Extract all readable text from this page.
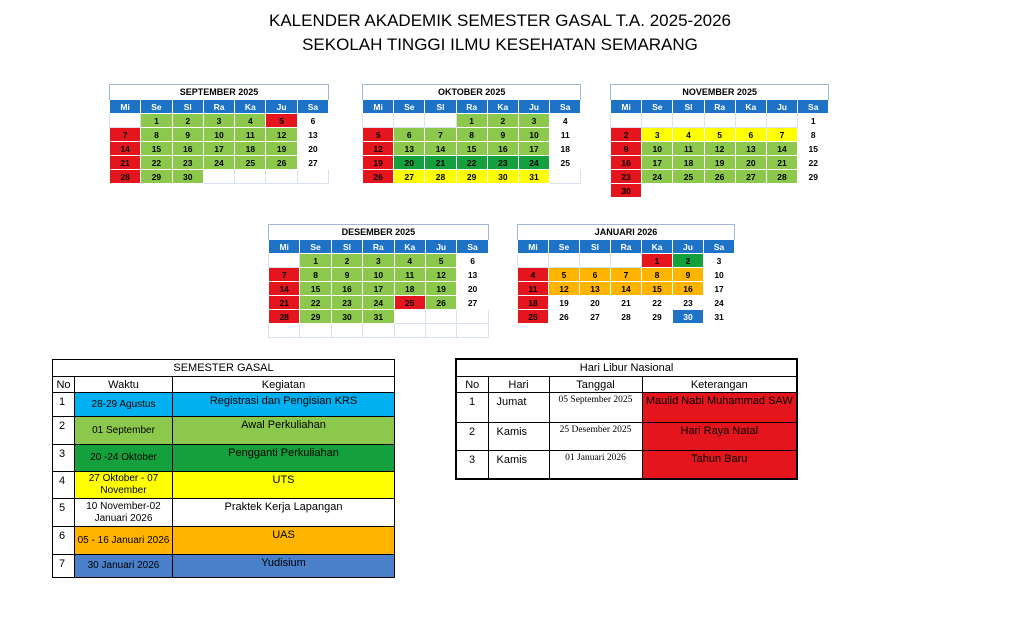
KALENDER AKADEMIK SEMESTER GASAL T.A. 2025-2026
SEKOLAH TINGGI ILMU KESEHATAN SEMARANG
SEPTEMBER 2025						
Mi	Se	Sl	Ra	Ka	Ju	Sa
	1	2	3	4	5	6
7	8	9	10	11	12	13
14	15	16	17	18	19	20
21	22	23	24	25	26	27
28	29	30				
OKTOBER 2025						
Mi	Se	Sl	Ra	Ka	Ju	Sa
			1	2	3	4
5	6	7	8	9	10	11
12	13	14	15	16	17	18
19	20	21	22	23	24	25
26	27	28	29	30	31	
NOVEMBER 2025						
Mi	Se	Sl	Ra	Ka	Ju	Sa
						1
2	3	4	5	6	7	8
9	10	11	12	13	14	15
16	17	18	19	20	21	22
23	24	25	26	27	28	29
30						
DESEMBER 2025						
Mi	Se	Sl	Ra	Ka	Ju	Sa
	1	2	3	4	5	6
7	8	9	10	11	12	13
14	15	16	17	18	19	20
21	22	23	24	25	26	27
28	29	30	31			

JANUARI 2026						
Mi	Se	Sl	Ra	Ka	Ju	Sa
				1	2	3
4	5	6	7	8	9	10
11	12	13	14	15	16	17
18	19	20	21	22	23	24
25	26	27	28	29	30	31
SEMESTER GASAL		
No	Waktu	Kegiatan
1	28-29 Agustus	Registrasi dan Pengisian KRS
2	01 September	Awal Perkuliahan
3	20 -24 Oktober	Pengganti Perkuliahan
4	27 Oktober - 07 November	UTS
5	10 November-02 Januari 2026	Praktek Kerja Lapangan
6	05 - 16 Januari 2026	UAS
7	30 Januari 2026	Yudisium
Hari Libur Nasional			
No	Hari	Tanggal	Keterangan
1	Jumat	05 September 2025	Maulid Nabi Muhammad SAW
2	Kamis	25 Desember 2025	Hari Raya Natal
3	Kamis	01 Januari 2026	Tahun Baru
